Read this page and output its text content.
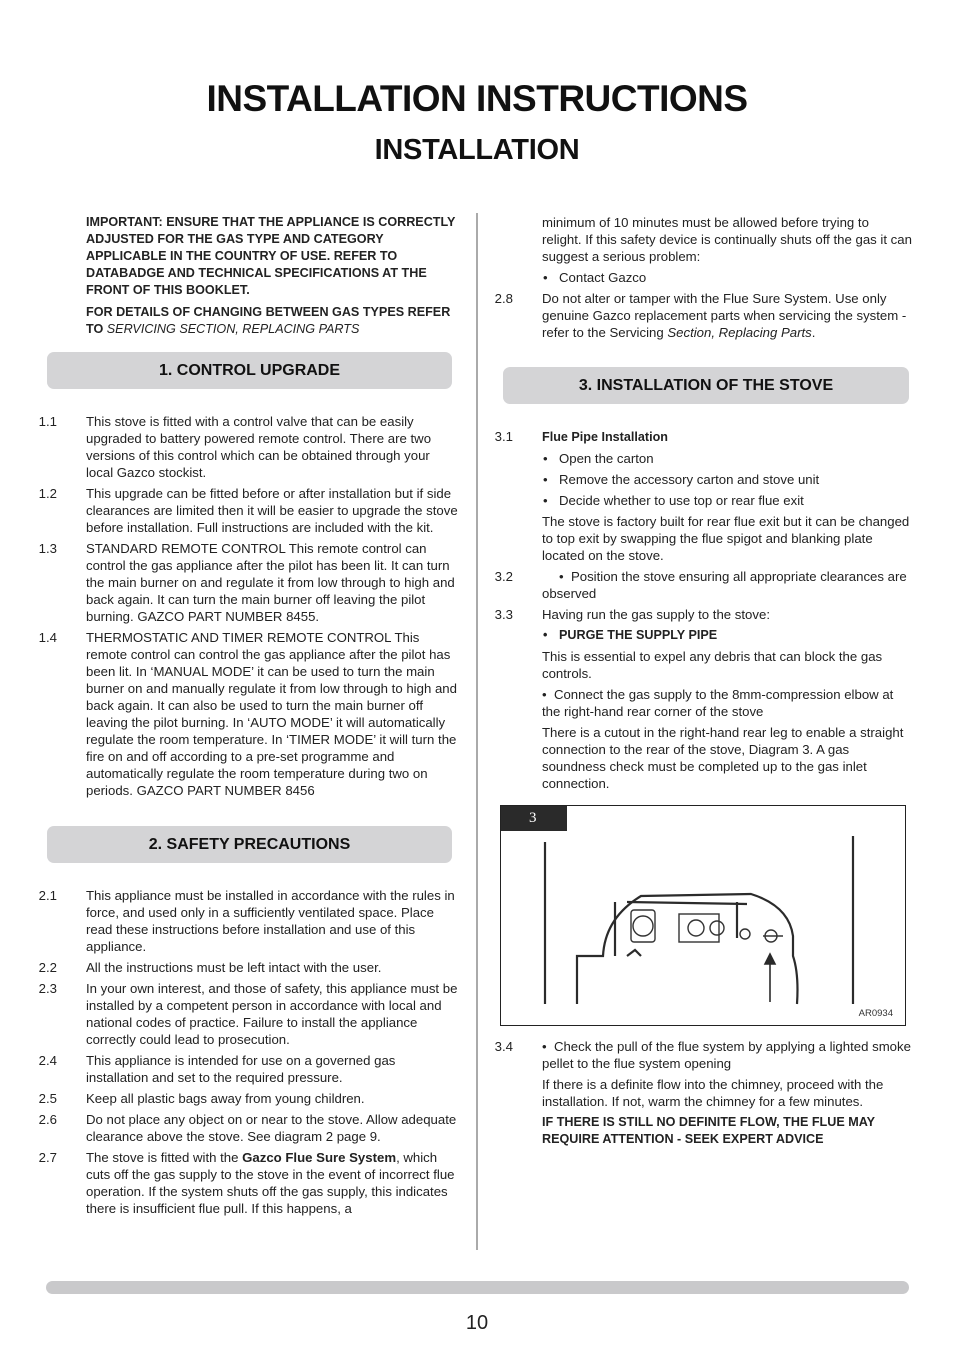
INSTALLATION INSTRUCTIONS
INSTALLATION

IMPORTANT: ENSURE THAT THE APPLIANCE IS CORRECTLY ADJUSTED FOR THE GAS TYPE AND CATEGORY APPLICABLE IN THE COUNTRY OF USE. REFER TO DATABADGE AND TECHNICAL SPECIFICATIONS AT THE FRONT OF THIS BOOKLET.

FOR DETAILS OF CHANGING BETWEEN GAS TYPES REFER TO SERVICING SECTION, REPLACING PARTS

1. CONTROL UPGRADE
1.1 This stove is fitted with a control valve that can be easily upgraded to battery powered remote control. There are two versions of this control which can be obtained through your local Gazco stockist.
1.2 This upgrade can be fitted before or after installation but if side clearances are limited then it will be easier to upgrade the stove before installation. Full instructions are included with the kit.
1.3 STANDARD REMOTE CONTROL This remote control can control the gas appliance after the pilot has been lit. It can turn the main burner on and regulate it from low through to high and back again. It can turn the main burner off leaving the pilot burning. GAZCO PART NUMBER 8455.
1.4 THERMOSTATIC AND TIMER REMOTE CONTROL This remote control can control the gas appliance after the pilot has been lit. In ‘MANUAL MODE’ it can be used to turn the main burner on and manually regulate it from low through to high and back again. It can also be used to turn the main burner off leaving the pilot burning. In ‘AUTO MODE’ it will automatically regulate the room temperature. In ‘TIMER MODE’ it will turn the fire on and off according to a pre-set programme and automatically regulate the room temperature during two on periods. GAZCO PART NUMBER 8456
2. SAFETY PRECAUTIONS
2.1 This appliance must be installed in accordance with the rules in force, and used only in a sufficiently ventilated space. Place read these instructions before installation and use of this appliance.
2.2 All the instructions must be left intact with the user.
2.3 In your own interest, and those of safety, this appliance must be installed by a competent person in accordance with local and national codes of practice. Failure to install the appliance correctly could lead to prosecution.
2.4 This appliance is intended for use on a governed gas installation and set to the required pressure.
2.5 Keep all plastic bags away from young children.
2.6 Do not place any object on or near to the stove. Allow adequate clearance above the stove. See diagram 2 page 9.
2.7 The stove is fitted with the Gazco Flue Sure System, which cuts off the gas supply to the stove in the event of incorrect flue operation. If the system shuts off the gas supply, this indicates there is insufficient flue pull. If this happens, a
minimum of 10 minutes must be allowed before trying to relight. If this safety device is continually shuts off the gas it can suggest a serious problem:
• Contact Gazco
2.8 Do not alter or tamper with the Flue Sure System. Use only genuine Gazco replacement parts when servicing the system - refer to the Servicing Section, Replacing Parts.
3. INSTALLATION OF THE STOVE
3.1 Flue Pipe Installation
• Open the carton
• Remove the accessory carton and stove unit
• Decide whether to use top or rear flue exit
The stove is factory built for rear flue exit but it can be changed to top exit by swapping the flue spigot and blanking plate located on the stove.
3.2	•  Position the stove ensuring all appropriate clearances are observed
3.3 Having run the gas supply to the stove:
• PURGE THE SUPPLY PIPE
This is essential to expel any debris that can block the gas controls.
•  Connect the gas supply to the 8mm-compression elbow at the right-hand rear corner of the stove
There is a cutout in the right-hand rear leg to enable a straight connection to the rear of the stove, Diagram 3. A gas soundness check must be completed up to the gas inlet connection.
3
AR0934
3.4 •  Check the pull of the flue system by applying a lighted smoke pellet to the flue system opening
If there is a definite flow into the chimney, proceed with the installation. If not, warm the chimney for a few minutes.
IF THERE IS STILL NO DEFINITE FLOW, THE FLUE MAY REQUIRE ATTENTION - SEEK EXPERT ADVICE
10
